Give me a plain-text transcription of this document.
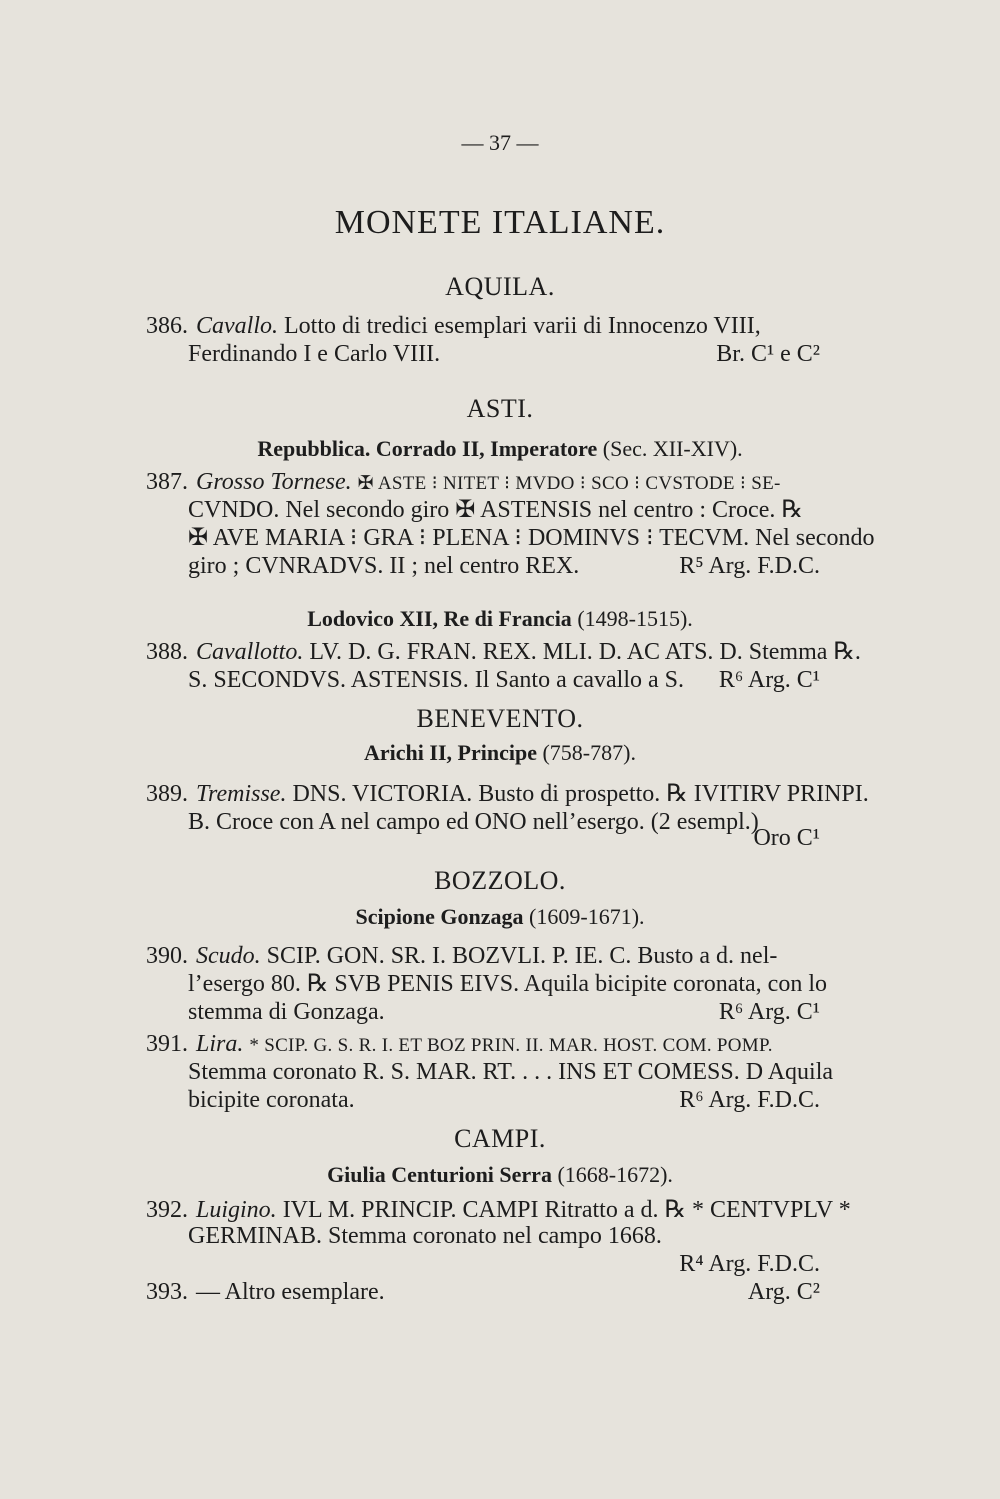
— 37 —
MONETE ITALIANE.
AQUILA.
386. Cavallo. Lotto di tredici esemplari varii di Innocenzo VIII,
Ferdinando I e Carlo VIII.	Br. C¹ e C²
ASTI.
Repubblica. Corrado II, Imperatore (Sec. XII-XIV).
387. Grosso Tornese. ✠ ASTE ⁝ NITET ⁝ MVDO ⁝ SCO ⁝ CVSTODE ⁝ SE-
CVNDO. Nel secondo giro ✠ ASTENSIS nel centro : Croce. ℞
✠ AVE MARIA ⁝ GRA ⁝ PLENA ⁝ DOMINVS ⁝ TECVM. Nel secondo
giro ; CVNRADVS. II ; nel centro REX.	R⁵ Arg. F.D.C.
Lodovico XII, Re di Francia (1498-1515).
388. Cavallotto. LV. D. G. FRAN. REX. MLI. D. AC ATS. D. Stemma ℞.
S. SECONDVS. ASTENSIS. Il Santo a cavallo a S. R⁶ Arg. C¹
BENEVENTO.
Arichi II, Principe (758-787).
389. Tremisse. DNS. VICTORIA. Busto di prospetto. ℞ IVITIRV PRINPI.
B. Croce con A nel campo ed ONO nell’esergo. (2 esempl.)
Oro C¹
BOZZOLO.
Scipione Gonzaga (1609-1671).
390. Scudo. SCIP. GON. SR. I. BOZVLI. P. IE. C. Busto a d. nel-
l’esergo 80. ℞ SVB PENIS EIVS. Aquila bicipite coronata, con lo
stemma di Gonzaga.	R⁶ Arg. C¹
391. Lira. * SCIP. G. S. R. I. ET BOZ PRIN. II. MAR. HOST. COM. POMP.
Stemma coronato R. S. MAR. RT. . . . INS ET COMESS. D Aquila
bicipite coronata.	R⁶ Arg. F.D.C.
CAMPI.
Giulia Centurioni Serra (1668-1672).
392. Luigino. IVL M. PRINCIP. CAMPI Ritratto a d. ℞ * CENTVPLV *
GERMINAB. Stemma coronato nel campo 1668.
R⁴ Arg. F.D.C.
393. — Altro esemplare.	Arg. C²
